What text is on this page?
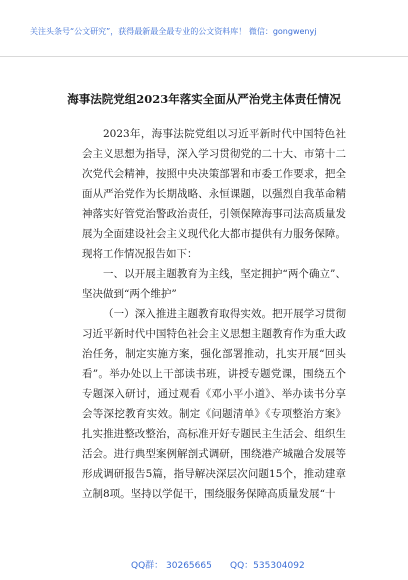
关注头条号“公文研究”，获得最新最全最专业的公文资料库！ 微信：gongwenyj
海事法院党组2023年落实全面从严治党主体责任情况

2023年，海事法院党组以习近平新时代中国特色社会主义思想为指导，深入学习贯彻党的二十大、市第十二次党代会精神，按照中央决策部署和市委工作要求，把全面从严治党作为长期战略、永恒课题，以强烈自我革命精神落实好管党治警政治责任，引领保障海事司法高质量发展为全面建设社会主义现代化大都市提供有力服务保障。现将工作情况报告如下：

一、以开展主题教育为主线，坚定拥护“两个确立”、坚决做到“两个维护”

（一）深入推进主题教育取得实效。把开展学习贯彻习近平新时代中国特色社会主义思想主题教育作为重大政治任务，制定实施方案，强化部署推动，扎实开展“回头看”。举办处以上干部读书班，讲授专题党课，围绕五个专题深入研讨，通过观看《邓小平小道》、举办读书分享会等深挖教育实效。制定《问题清单》《专项整治方案》扎实推进整改整治，高标准开好专题民主生活会、组织生活会。进行典型案例解剖式调研，围绕港产城融合发展等形成调研报告5篇，指导解决深层次问题15个，推动建章立制8项。坚持以学促干，围绕服务保障高质量发展“十

QQ群： 30265665 QQ：535304092
